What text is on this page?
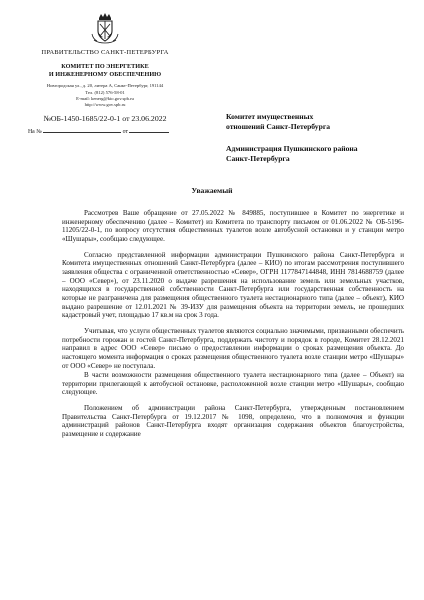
ПРАВИТЕЛЬСТВО САНКТ-ПЕТЕРБУРГА
КОМИТЕТ ПО ЭНЕРГЕТИКЕ
И ИНЖЕНЕРНОМУ ОБЕСПЕЧЕНИЮ
Новгородская ул., д. 20, литера А, Санкт-Петербург, 191144
Тел. (812) 576-58-01
E-mail: kenerg@kio.gov.spb.ru
http://www.gov.spb.ru
№ОБ-1450-1685/22-0-1 от 23.06.2022
На №	от

Комитет имущественных
отношений Санкт-Петербурга

Администрация Пушкинского района
Санкт-Петербурга

Уважаемый

Рассмотрев Ваше обращение от 27.05.2022 № 849885, поступившее в Комитет по энергетике и инженерному обеспечению (далее – Комитет) из Комитета по транспорту письмом от 01.06.2022 № ОБ-5196-11205/22-0-1, по вопросу отсутствия общественных туалетов возле автобусной остановки и у станции метро «Шушары», сообщаю следующее.

Согласно представленной информации администрации Пушкинского района Санкт-Петербурга и Комитета имущественных отношений Санкт-Петербурга (далее – КИО) по итогам рассмотрения поступившего заявления общества с ограниченной ответственностью «Север», ОГРН 1177847144848, ИНН 7814688759 (далее – ООО «Север»), от 23.11.2020 о выдаче разрешения на использование земель или земельных участков, находящихся в государственной собственности Санкт-Петербурга или государственная собственность на которые не разграничена для размещения общественного туалета нестационарного типа (далее – объект), КИО выдано разрешение от 12.01.2021 № 39-ИЗУ для размещения объекта на территории земель, не прошедших кадастровый учет, площадью 17 кв.м на срок 3 года.

Учитывая, что услуги общественных туалетов являются социально значимыми, призванными обеспечить потребности горожан и гостей Санкт-Петербурга, поддержать чистоту и порядок в городе, Комитет 28.12.2021 направил в адрес ООО «Север» письмо о предоставлении информации о сроках размещения объекта. До настоящего момента информация о сроках размещения общественного туалета возле станции метро «Шушары» от ООО «Север» не поступала.

В части возможности размещения общественного туалета нестационарного типа (далее – Объект) на территории прилегающей к автобусной остановке, расположенной возле станции метро «Шушары», сообщаю следующее.

Положением об администрации района Санкт-Петербурга, утвержденным постановлением Правительства Санкт-Петербурга от 19.12.2017 № 1098, определено, что в полномочия и функции администраций районов Санкт-Петербурга входят организация содержания объектов благоустройства, размещение и содержание
